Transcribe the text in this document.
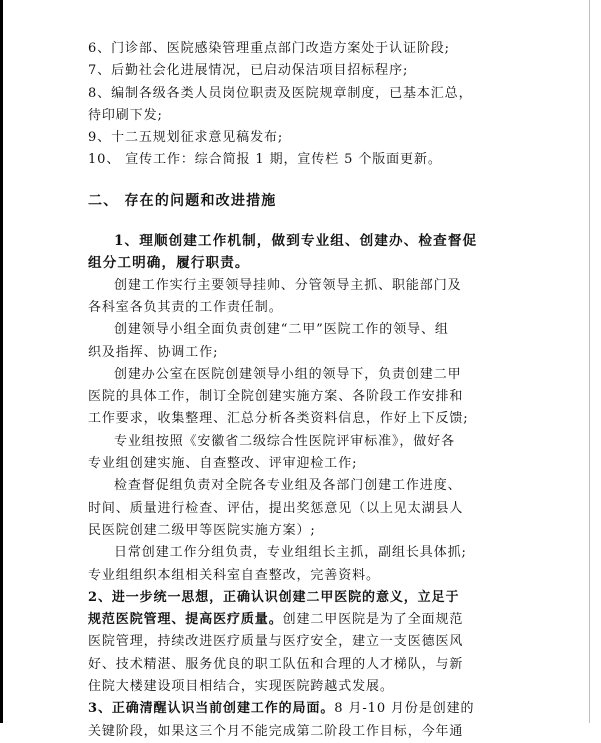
6、门诊部、医院感染管理重点部门改造方案处于认证阶段;
7、后勤社会化进展情况，已启动保洁项目招标程序;
8、编制各级各类人员岗位职责及医院规章制度，已基本汇总，
待印刷下发;
9、十二五规划征求意见稿发布;
10、 宣传工作：综合简报 1 期，宣传栏 5 个版面更新。
二、 存在的问题和改进措施
1、理顺创建工作机制，做到专业组、创建办、检查督促
组分工明确，履行职责。
创建工作实行主要领导挂帅、分管领导主抓、职能部门及
各科室各负其责的工作责任制。
创建领导小组全面负责创建“二甲”医院工作的领导、组
织及指挥、协调工作;
创建办公室在医院创建领导小组的领导下，负责创建二甲
医院的具体工作，制订全院创建实施方案、各阶段工作安排和
工作要求，收集整理、汇总分析各类资料信息，作好上下反馈;
专业组按照《安徽省二级综合性医院评审标准》，做好各
专业组创建实施、自查整改、评审迎检工作;
检查督促组负责对全院各专业组及各部门创建工作进度、
时间、质量进行检查、评估，提出奖惩意见（以上见太湖县人
民医院创建二级甲等医院实施方案）;
日常创建工作分组负责，专业组组长主抓，副组长具体抓;
专业组组织本组相关科室自查整改，完善资料。
2、进一步统一思想，正确认识创建二甲医院的意义，立足于
规范医院管理、提高医疗质量。创建二甲医院是为了全面规范
医院管理，持续改进医疗质量与医疗安全，建立一支医德医风
好、技术精湛、服务优良的职工队伍和合理的人才梯队，与新
住院大楼建设项目相结合，实现医院跨越式发展。
3、正确清醒认识当前创建工作的局面。8 月-10 月份是创建的
关键阶段，如果这三个月不能完成第二阶段工作目标，今年通
